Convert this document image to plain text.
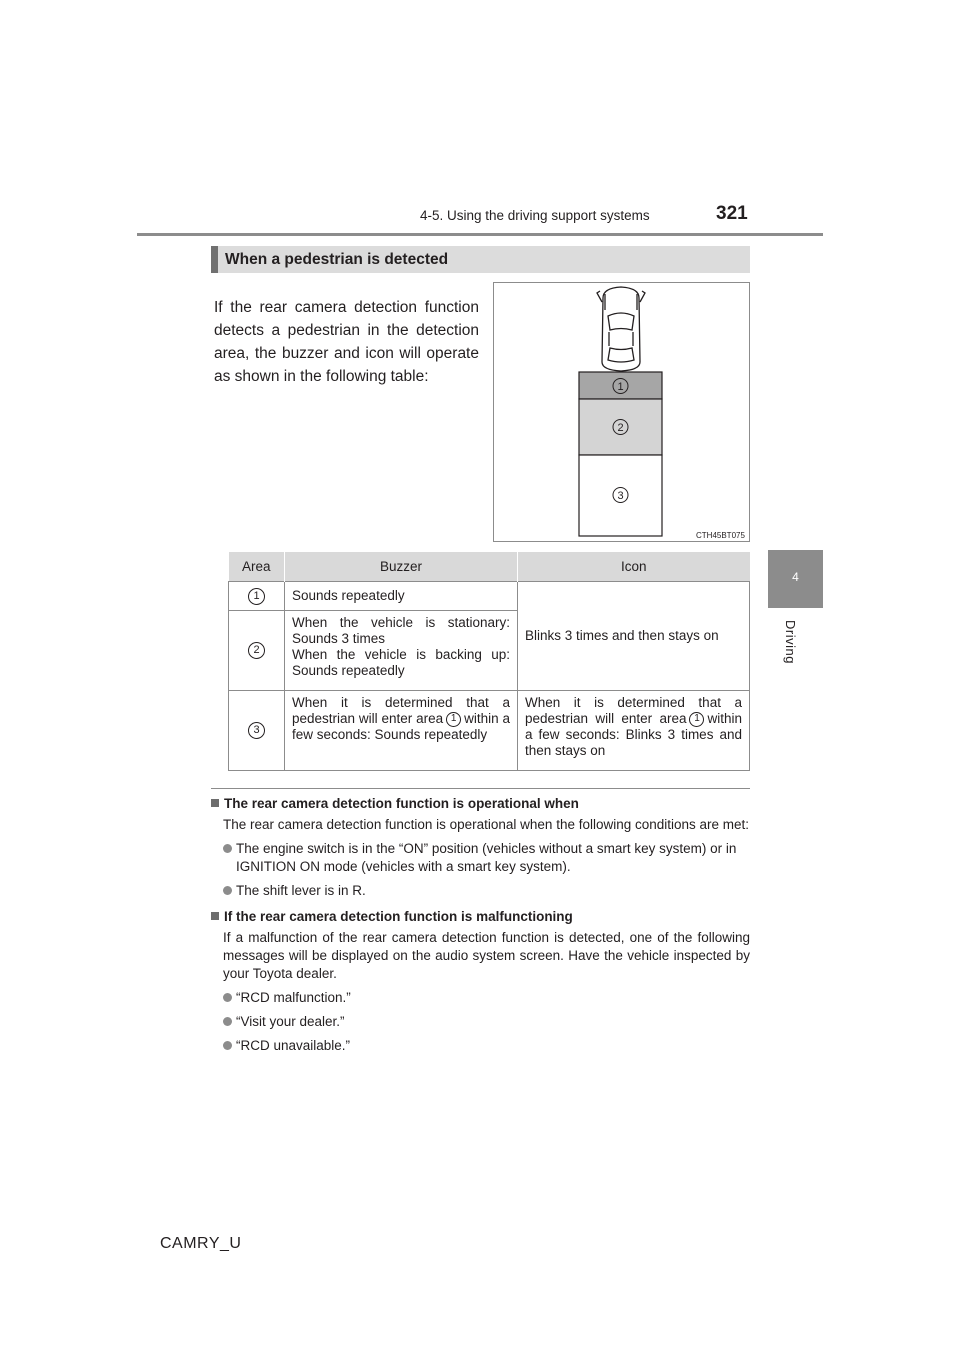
4-5. Using the driving support systems	321
4
Driving
When a pedestrian is detected
If the rear camera detection function detects a pedestrian in the detection area, the buzzer and icon will operate as shown in the following table:
1
2
3
CTH45BT075
Area	Buzzer	Icon
1	Sounds repeatedly	Blinks 3 times and then stays on
2	When the vehicle is stationary: Sounds 3 times
When the vehicle is backing up: Sounds repeatedly	

3	When it is determined that a pedestrian will enter area 1 within a few seconds: Sounds repeatedly	When it is determined that a pedestrian will enter area 1 within a few seconds: Blinks 3 times and then stays on

The rear camera detection function is operational when

The rear camera detection function is operational when the following conditions are met:

The engine switch is in the “ON” position (vehicles without a smart key system) or in IGNITION ON mode (vehicles with a smart key system).

The shift lever is in R.

If the rear camera detection function is malfunctioning

If a malfunction of the rear camera detection function is detected, one of the following messages will be displayed on the audio system screen. Have the vehicle inspected by your Toyota dealer.

“RCD malfunction.”

“Visit your dealer.”

“RCD unavailable.”

CAMRY_U
